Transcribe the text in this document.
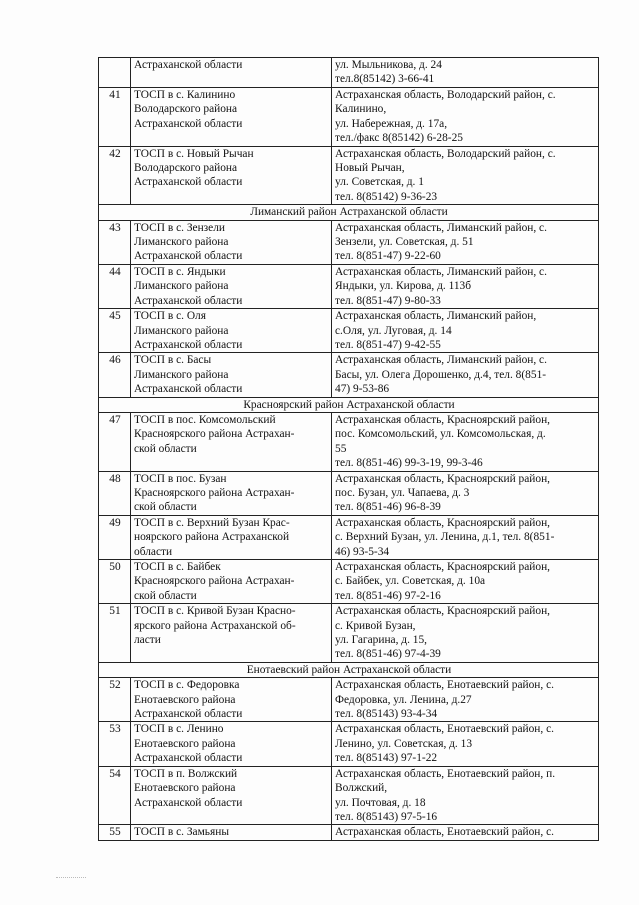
	Астраханской области	ул. Мыльникова, д. 24
тел.8(85142) 3-66-41

41	ТОСП в с. Калинино
Володарского района
Астраханской области	Астраханская область, Володарский район, с.
Калинино,
ул. Набережная, д. 17а,
тел./факс 8(85142) 6-28-25

42	ТОСП в с. Новый Рычан
Володарского района
Астраханской области	Астраханская область, Володарский район, с.
Новый Рычан,
ул. Советская, д. 1
тел. 8(85142) 9-36-23

Лиманский район Астраханской области		
43	ТОСП в с. Зензели
Лиманского района
Астраханской области	Астраханская область, Лиманский район, с.
Зензели, ул. Советская, д. 51
тел. 8(851-47) 9-22-60

44	ТОСП в с. Яндыки
Лиманского района
Астраханской области	Астраханская область, Лиманский район, с.
Яндыки, ул. Кирова, д. 113б
тел. 8(851-47) 9-80-33

45	ТОСП в с. Оля
Лиманского района
Астраханской области	Астраханская область, Лиманский район,
с.Оля, ул. Луговая, д. 14
тел. 8(851-47) 9-42-55

46	ТОСП в с. Басы
Лиманского района
Астраханской области	Астраханская область, Лиманский район, с.
Басы, ул. Олега Дорошенко, д.4, тел. 8(851-
47) 9-53-86

Красноярский район Астраханской области		
47	ТОСП в пос. Комсомольский
Красноярского района Астрахан-
ской области	Астраханская область, Красноярский район,
пос. Комсомольский, ул. Комсомольская, д.
55
тел. 8(851-46) 99-3-19, 99-3-46

48	ТОСП в пос. Бузан
Красноярского района Астрахан-
ской области	Астраханская область, Красноярский район,
пос. Бузан, ул. Чапаева, д. 3
тел. 8(851-46) 96-8-39

49	ТОСП в с. Верхний Бузан Крас-
ноярского района Астраханской
области	Астраханская область, Красноярский район,
с. Верхний Бузан, ул. Ленина, д.1, тел. 8(851-
46) 93-5-34

50	ТОСП в с. Байбек
Красноярского района Астрахан-
ской области	Астраханская область, Красноярский район,
с. Байбек, ул. Советская, д. 10а
тел. 8(851-46) 97-2-16

51	ТОСП в с. Кривой Бузан Красно-
ярского района Астраханской об-
ласти	Астраханская область, Красноярский район,
с. Кривой Бузан,
ул. Гагарина, д. 15,
тел. 8(851-46) 97-4-39

Енотаевский район Астраханской области		
52	ТОСП в с. Федоровка
Енотаевского района
Астраханской области	Астраханская область, Енотаевский район, с.
Федоровка, ул. Ленина, д.27
тел. 8(85143) 93-4-34

53	ТОСП в с. Ленино
Енотаевского района
Астраханской области	Астраханская область, Енотаевский район, с.
Ленино, ул. Советская, д. 13
тел. 8(85143) 97-1-22

54	ТОСП в п. Волжский
Енотаевского района
Астраханской области	Астраханская область, Енотаевский район, п.
Волжский,
ул. Почтовая, д. 18
тел. 8(85143) 97-5-16

55	ТОСП в с. Замьяны	Астраханская область, Енотаевский район, с.
